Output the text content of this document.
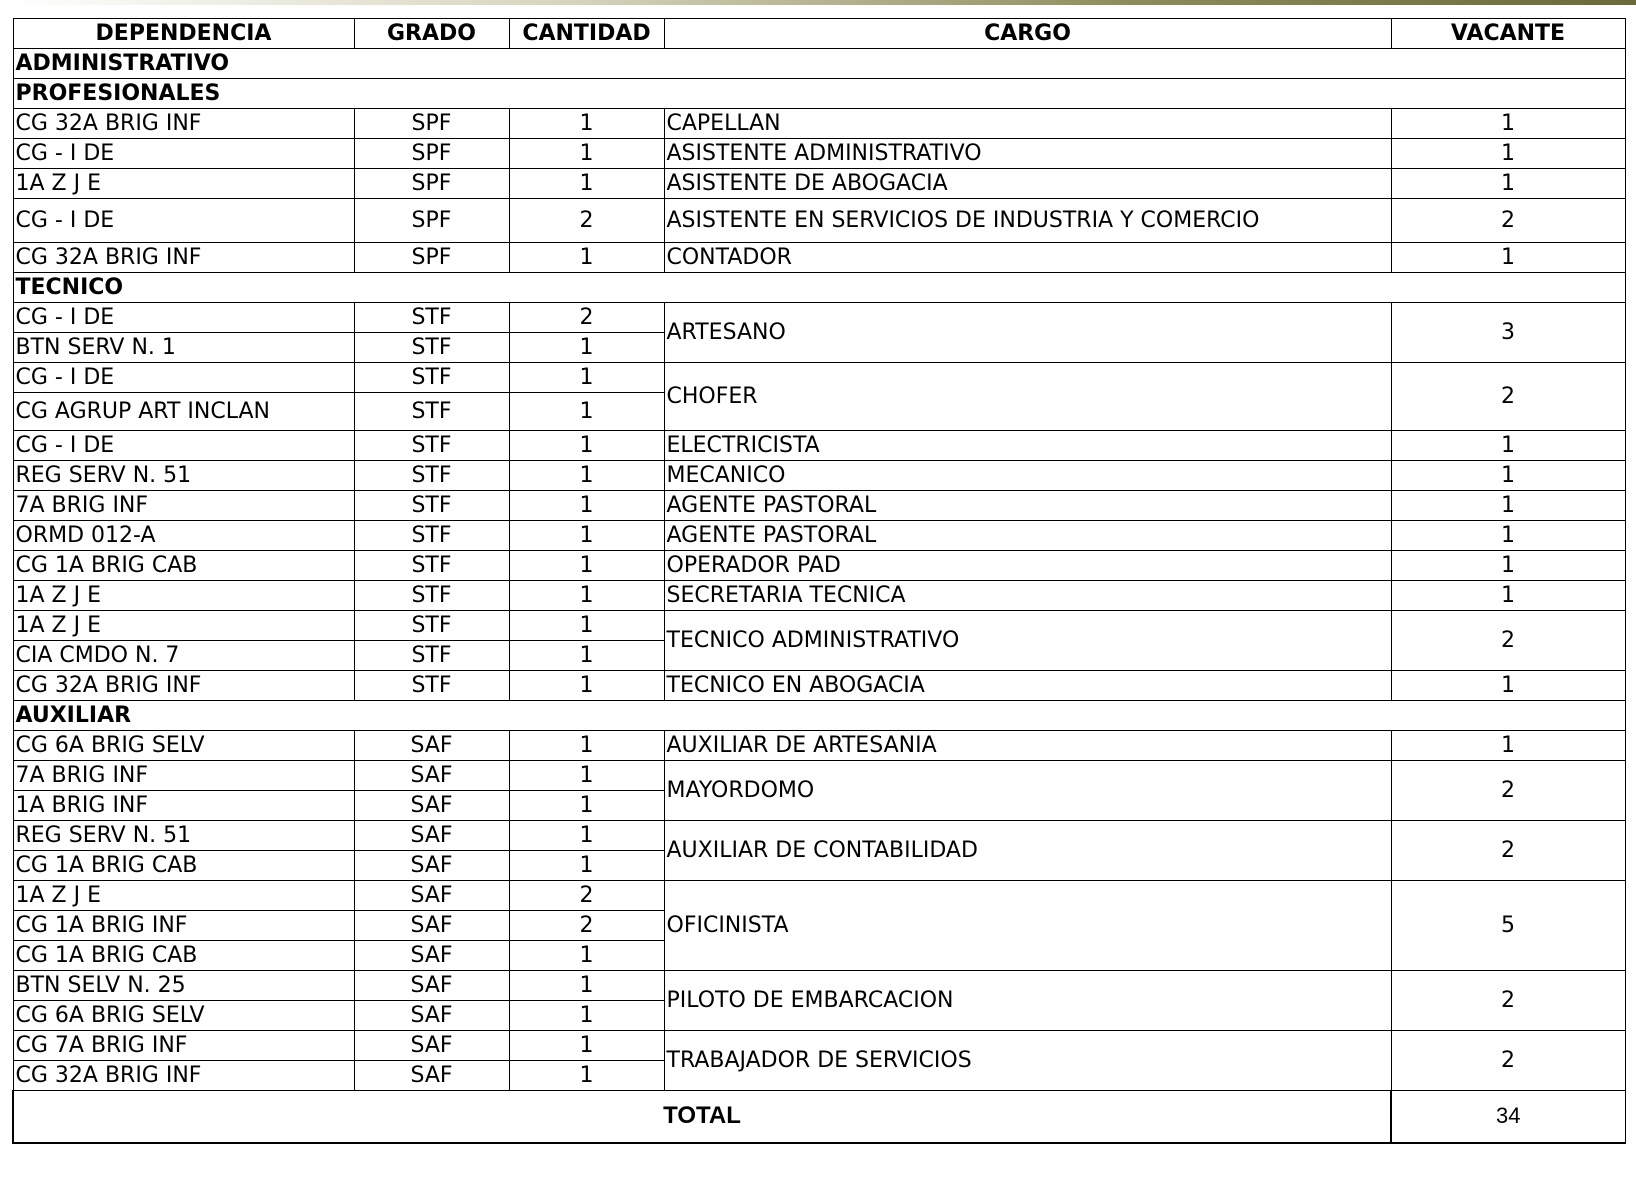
DEPENDENCIA	GRADO	CANTIDAD	CARGO	VACANTE
ADMINISTRATIVO				
PROFESIONALES				
CG 32A BRIG INF	SPF	1	CAPELLAN	1
CG - I DE	SPF	1	ASISTENTE ADMINISTRATIVO	1
1A Z J E	SPF	1	ASISTENTE DE ABOGACIA	1
CG - I DE	SPF	2	ASISTENTE EN SERVICIOS DE INDUSTRIA Y COMERCIO	2
CG 32A BRIG INF	SPF	1	CONTADOR	1
TECNICO				
CG - I DE	STF	2	ARTESANO	3
BTN SERV N. 1	STF	1		
CG - I DE	STF	1	CHOFER	2
CG AGRUP ART INCLAN	STF	1		
CG - I DE	STF	1	ELECTRICISTA	1
REG SERV N. 51	STF	1	MECANICO	1
7A BRIG INF	STF	1	AGENTE PASTORAL	1
ORMD 012-A	STF	1	AGENTE PASTORAL	1
CG 1A BRIG CAB	STF	1	OPERADOR PAD	1
1A Z J E	STF	1	SECRETARIA TECNICA	1
1A Z J E	STF	1	TECNICO ADMINISTRATIVO	2
CIA CMDO N. 7	STF	1		
CG 32A BRIG INF	STF	1	TECNICO EN ABOGACIA	1
AUXILIAR				
CG 6A BRIG SELV	SAF	1	AUXILIAR DE ARTESANIA	1
7A BRIG INF	SAF	1	MAYORDOMO	2
1A BRIG INF	SAF	1		
REG SERV N. 51	SAF	1	AUXILIAR DE CONTABILIDAD	2
CG 1A BRIG CAB	SAF	1		
1A Z J E	SAF	2	OFICINISTA	5
CG 1A BRIG INF	SAF	2		
CG 1A BRIG CAB	SAF	1		
BTN SELV N. 25	SAF	1	PILOTO DE EMBARCACION	2
CG 6A BRIG SELV	SAF	1		
CG 7A BRIG INF	SAF	1	TRABAJADOR DE SERVICIOS	2
CG 32A BRIG INF	SAF	1		
TOTAL				34
